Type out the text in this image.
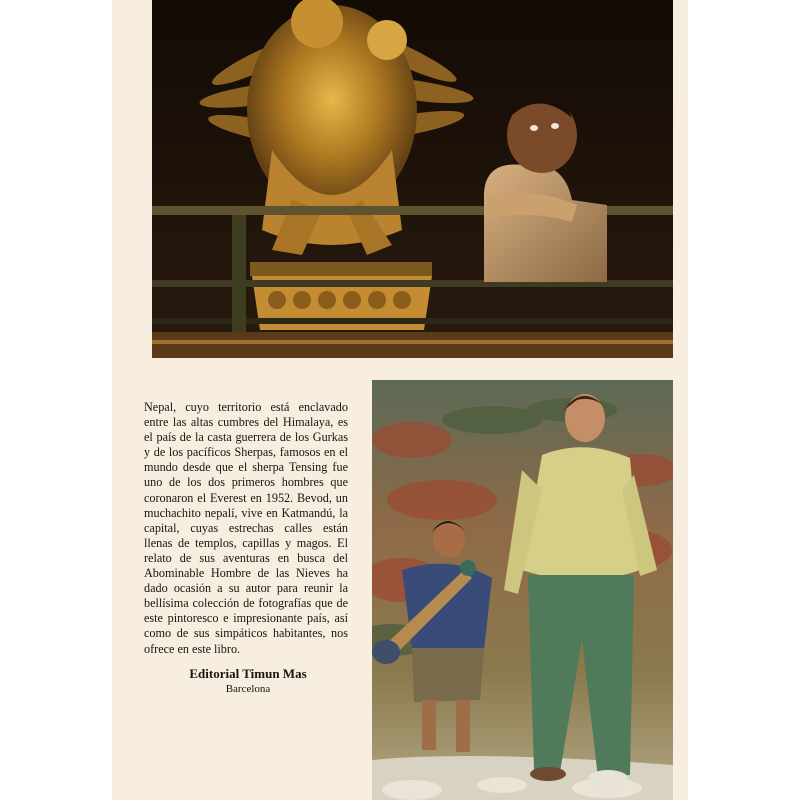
Nepal, cuyo territorio está enclavado entre las altas cumbres del Himalaya, es el país de la casta guerrera de los Gurkas y de los pacíficos Sherpas, famosos en el mundo desde que el sherpa Tensing fue uno de los dos primeros hombres que coronaron el Everest en 1952. Bevod, un muchachito nepalí, vive en Katmandú, la capital, cuyas estrechas calles están llenas de templos, capillas y magos. El relato de sus aventuras en busca del Abominable Hombre de las Nieves ha dado ocasión a su autor para reunir la bellísima colección de fotografías que de este pintoresco e impresionante país, así como de sus simpáticos habitantes, nos ofrece en este libro.

Editorial Timun Mas
Barcelona
